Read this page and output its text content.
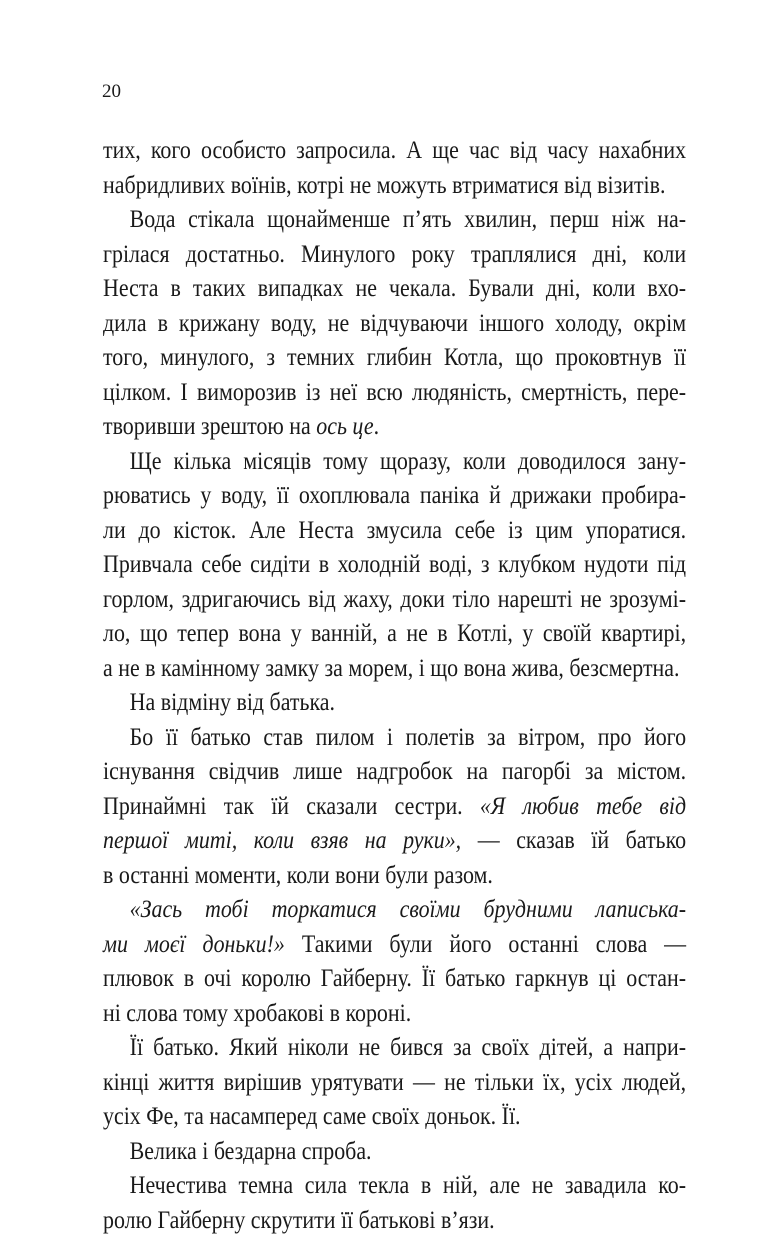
20
тих, кого особисто запросила. А ще час від часу нахабних
набридливих воїнів, котрі не можуть втриматися від візитів.
Вода стікала щонайменше п’ять хвилин, перш ніж на-
грілася достатньо. Минулого року траплялися дні, коли
Неста в таких випадках не чекала. Бували дні, коли вхо-
дила в крижану воду, не відчуваючи іншого холоду, окрім
того, минулого, з темних глибин Котла, що проковтнув її
цілком. І виморозив із неї всю людяність, смертність, пере-
творивши зрештою на ось це.
Ще кілька місяців тому щоразу, коли доводилося зану-
рюватись у воду, її охоплювала паніка й дрижаки пробира-
ли до кісток. Але Неста змусила себе із цим упоратися.
Привчала себе сидіти в холодній воді, з клубком нудоти під
горлом, здригаючись від жаху, доки тіло нарешті не зрозумі-
ло, що тепер вона у ванній, а не в Котлі, у своїй квартирі,
а не в камінному замку за морем, і що вона жива, безсмертна.
На відміну від батька.
Бо її батько став пилом і полетів за вітром, про його
існування свідчив лише надгробок на пагорбі за містом.
Принаймні так їй сказали сестри. «Я любив тебе від
першої миті, коли взяв на руки», — сказав їй батько
в останні моменти, коли вони були разом.
«Зась тобі торкатися своїми брудними лаписька-
ми моєї доньки!» Такими були його останні слова —
плювок в очі королю Гайберну. Її батько гаркнув ці остан-
ні слова тому хробакові в короні.
Її батько. Який ніколи не бився за своїх дітей, а напри-
кінці життя вирішив урятувати — не тільки їх, усіх людей,
усіх Фе, та насамперед саме своїх доньок. Її.
Велика і бездарна спроба.
Нечестива темна сила текла в ній, але не завадила ко-
ролю Гайберну скрутити її батькові в’язи.
